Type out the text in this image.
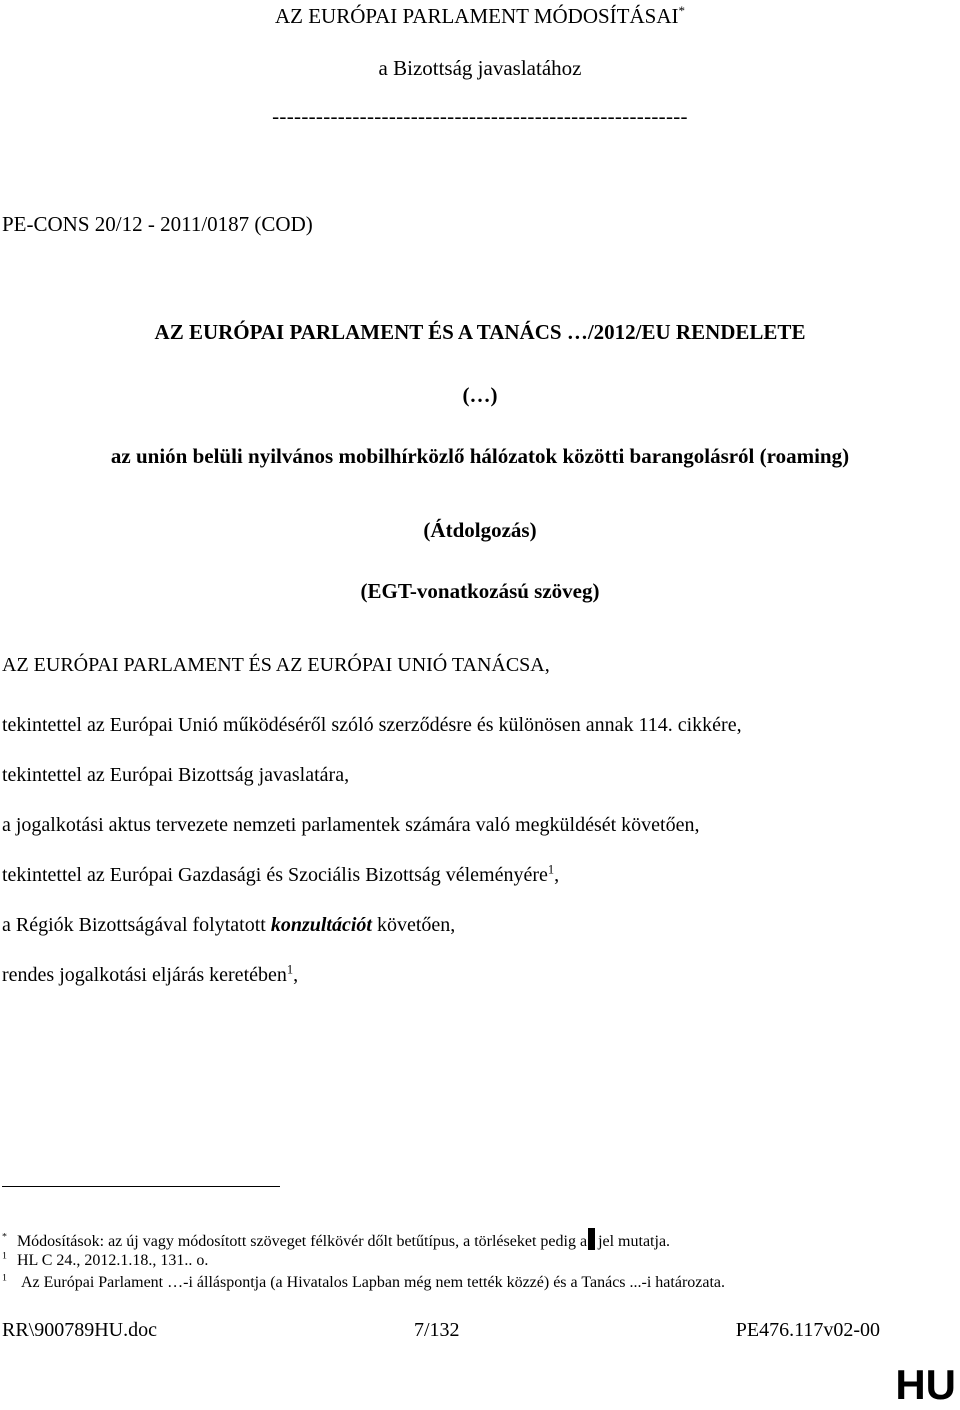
AZ EURÓPAI PARLAMENT MÓDOSÍTÁSAI*
a Bizottság javaslatához
---------------------------------------------------------
PE-CONS 20/12 - 2011/0187 (COD)
AZ EURÓPAI PARLAMENT ÉS A TANÁCS …/2012/EU RENDELETE
(…)
az unión belüli nyilvános mobilhírközlő hálózatok közötti barangolásról (roaming)
(Átdolgozás)
(EGT-vonatkozású szöveg)
AZ EURÓPAI PARLAMENT ÉS AZ EURÓPAI UNIÓ TANÁCSA,
tekintettel az Európai Unió működéséről szóló szerződésre és különösen annak 114. cikkére,
tekintettel az Európai Bizottság javaslatára,
a jogalkotási aktus tervezete nemzeti parlamentek számára való megküldését követően,
tekintettel az Európai Gazdasági és Szociális Bizottság véleményére$^1$,
a Régiók Bizottságával folytatott konzultációt követően,
rendes jogalkotási eljárás keretében$^1$,
* Módosítások: az új vagy módosított szöveget félkövér dőlt betűtípus, a törléseket pedig a jel mutatja.
$^1$ HL C 24., 2012.1.18., 131.. o.
$^1$ Az Európai Parlament …-i álláspontja (a Hivatalos Lapban még nem tették közzé) és a Tanács ...-i határozata.
RR\900789HU.doc	7/132	PE476.117v02-00
HU
